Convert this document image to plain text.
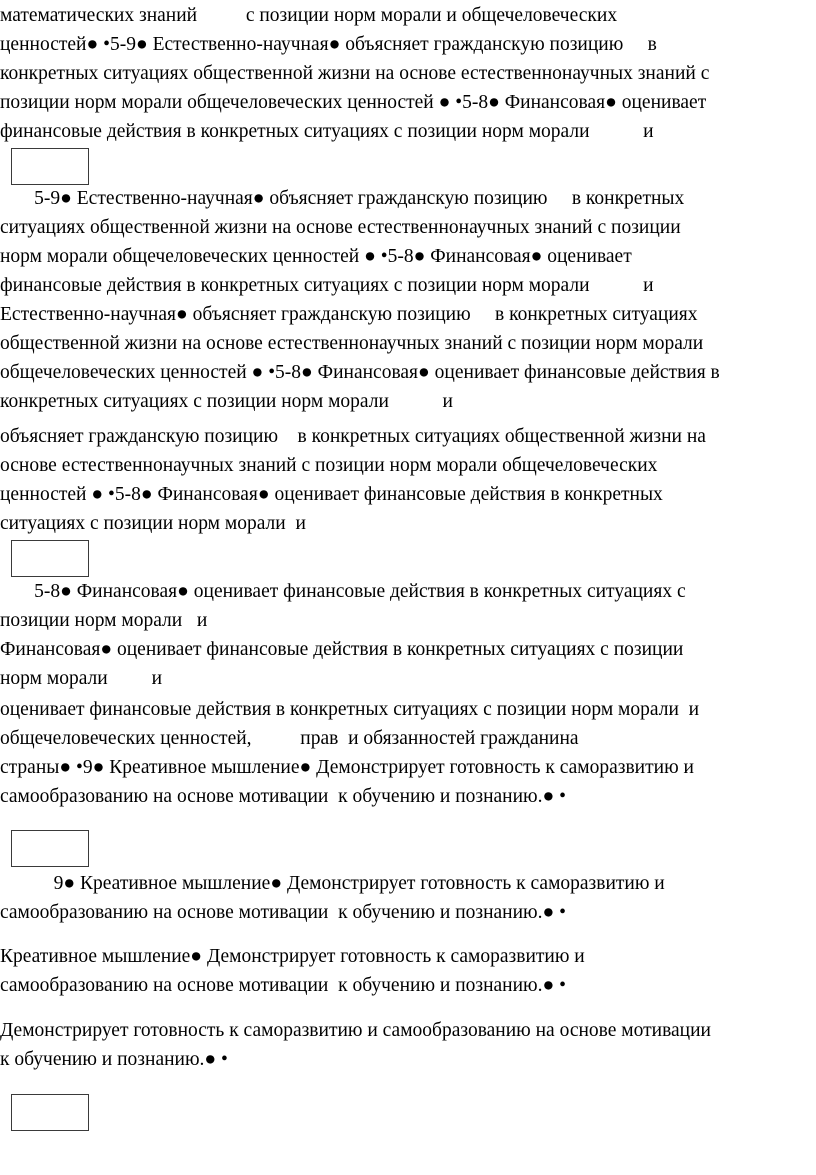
математических знаний          с позиции норм морали и общечеловеческих
ценностей● •5-9● Естественно-научная● объясняет гражданскую позицию     в
конкретных ситуациях общественной жизни на основе естественнонаучных знаний с
позиции норм морали общечеловеческих ценностей ● •5-8● Финансовая● оценивает
финансовые действия в конкретных ситуациях с позиции норм морали           и
5-9● Естественно-научная● объясняет гражданскую позицию     в конкретных
ситуациях общественной жизни на основе естественнонаучных знаний с позиции
норм морали общечеловеческих ценностей ● •5-8● Финансовая● оценивает
финансовые действия в конкретных ситуациях с позиции норм морали           и
Естественно-научная● объясняет гражданскую позицию     в конкретных ситуациях
общественной жизни на основе естественнонаучных знаний с позиции норм морали
общечеловеческих ценностей ● •5-8● Финансовая● оценивает финансовые действия в
конкретных ситуациях с позиции норм морали           и
объясняет гражданскую позицию    в конкретных ситуациях общественной жизни на
основе естественнонаучных знаний с позиции норм морали общечеловеческих
ценностей ● •5-8● Финансовая● оценивает финансовые действия в конкретных
ситуациях с позиции норм морали  и
5-8● Финансовая● оценивает финансовые действия в конкретных ситуациях с
позиции норм морали   и
Финансовая● оценивает финансовые действия в конкретных ситуациях с позиции
норм морали         и
оценивает финансовые действия в конкретных ситуациях с позиции норм морали  и
общечеловеческих ценностей,          прав  и обязанностей гражданина
страны● •9● Креативное мышление● Демонстрирует готовность к саморазвитию и
самообразованию на основе мотивации  к обучению и познанию.● •
9● Креативное мышление● Демонстрирует готовность к саморазвитию и
самообразованию на основе мотивации  к обучению и познанию.● •
Креативное мышление● Демонстрирует готовность к саморазвитию и
самообразованию на основе мотивации  к обучению и познанию.● •
Демонстрирует готовность к саморазвитию и самообразованию на основе мотивации
к обучению и познанию.● •
